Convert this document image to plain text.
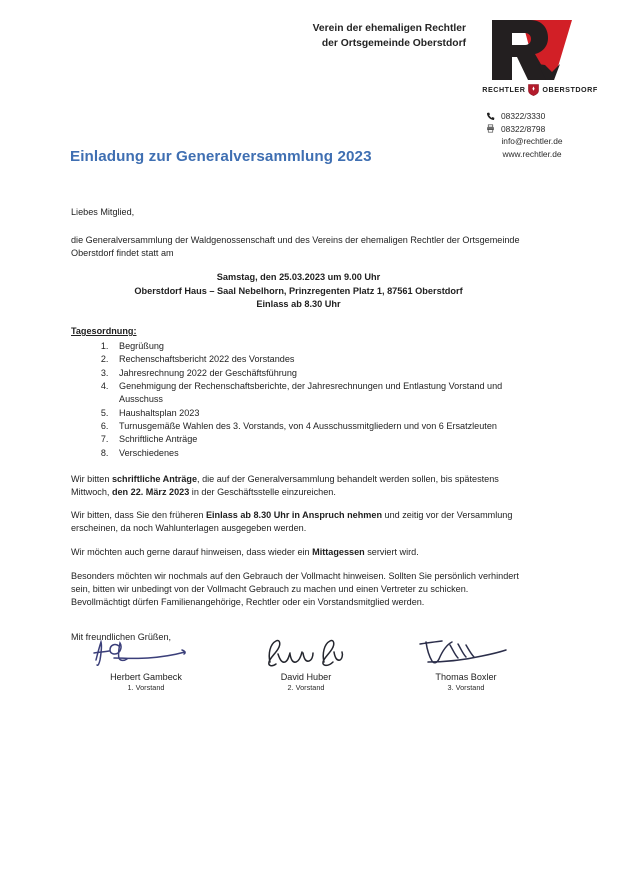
Verein der ehemaligen Rechtler
der Ortsgemeinde Oberstdorf
RECHTLER OBERSTDORF
08322/3330
08322/8798
info@rechtler.de
www.rechtler.de
Einladung zur Generalversammlung 2023

Liebes Mitglied,

die Generalversammlung der Waldgenossenschaft und des Vereins der ehemaligen Rechtler der Ortsgemeinde Oberstdorf findet statt am

Samstag, den 25.03.2023 um 9.00 Uhr
Oberstdorf Haus – Saal Nebelhorn, Prinzregenten Platz 1, 87561 Oberstdorf
Einlass ab 8.30 Uhr
Tagesordnung:
1. Begrüßung
2. Rechenschaftsbericht 2022 des Vorstandes
3. Jahresrechnung 2022 der Geschäftsführung
4. Genehmigung der Rechenschaftsberichte, der Jahresrechnungen und Entlastung Vorstand und Ausschuss
5. Haushaltsplan 2023
6. Turnusgemäße Wahlen des 3. Vorstands, von 4 Ausschussmitgliedern und von 6 Ersatzleuten
7. Schriftliche Anträge
8. Verschiedenes

Wir bitten schriftliche Anträge, die auf der Generalversammlung behandelt werden sollen, bis spätestens Mittwoch, den 22. März 2023 in der Geschäftsstelle einzureichen.

Wir bitten, dass Sie den früheren Einlass ab 8.30 Uhr in Anspruch nehmen und zeitig vor der Versammlung erscheinen, da noch Wahlunterlagen ausgegeben werden.

Wir möchten auch gerne darauf hinweisen, dass wieder ein Mittagessen serviert wird.

Besonders möchten wir nochmals auf den Gebrauch der Vollmacht hinweisen. Sollten Sie persönlich verhindert sein, bitten wir unbedingt von der Vollmacht Gebrauch zu machen und einen Vertreter zu schicken. Bevollmächtigt dürfen Familienangehörige, Rechtler oder ein Vorstandsmitglied werden.

Mit freundlichen Grüßen,

Herbert Gambeck
1. Vorstand
David Huber
2. Vorstand
Thomas Boxler
3. Vorstand
